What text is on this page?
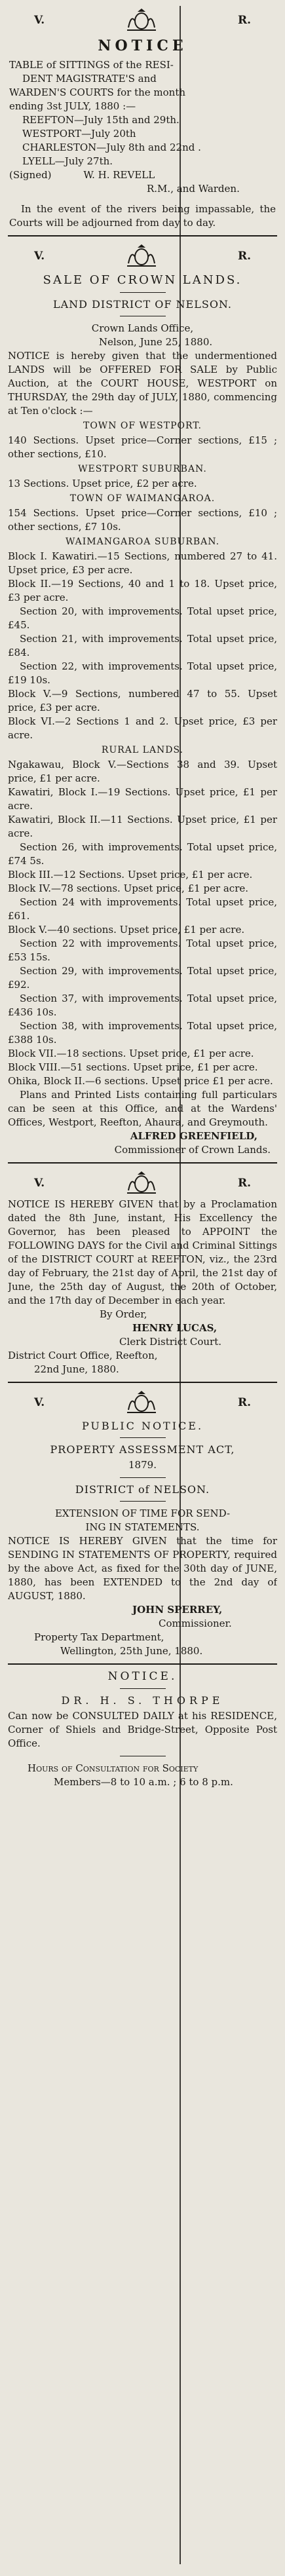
V.	R.
NOTICE
TABLE of SITTINGS of the RESI-
DENT MAGISTRATE'S and
WARDEN'S COURTS for the month
ending 3st JULY, 1880 :—
REEFTON—July 15th and 29th.
WESTPORT—July 20th
CHARLESTON—July 8th and 22nd .
LYELL—July 27th.
(Signed)	W. H. REVELL
R.M., and Warden.

In the event of the rivers being impassable, the Courts will be adjourned from day to day.

V.	R.
SALE OF CROWN LANDS.
LAND DISTRICT OF NELSON.
Crown Lands Office,
Nelson, June 25, 1880.

NOTICE is hereby given that the undermentioned LANDS will be OFFERED FOR SALE by Public Auction, at the COURT HOUSE, WESTPORT on THURSDAY, the 29th day of JULY, 1880, commencing at Ten o'clock :—

TOWN OF WESTPORT.

140 Sections. Upset price—Corner sections, £15 ; other sections, £10.

WESTPORT SUBURBAN.

13 Sections. Upset price, £2 per acre.

TOWN OF WAIMANGAROA.

154 Sections. Upset price—Corner sections, £10 ; other sections, £7 10s.

WAIMANGAROA SUBURBAN.

Block I. Kawatiri.—15 Sections, numbered 27 to 41. Upset price, £3 per acre.

Block II.—19 Sections, 40 and 1 to 18. Upset price, £3 per acre.

Section 20, with improvements. Total upset price, £45.

Section 21, with improvements. Total upset price, £84.

Section 22, with improvements. Total upset price, £19 10s.

Block V.—9 Sections, numbered 47 to 55. Upset price, £3 per acre.

Block VI.—2 Sections 1 and 2. Upset price, £3 per acre.

RURAL LANDS.

Ngakawau, Block V.—Sections 38 and 39. Upset price, £1 per acre.

Kawatiri, Block I.—19 Sections. Upset price, £1 per acre.

Kawatiri, Block II.—11 Sections. Upset price, £1 per acre.

Section 26, with improvements. Total upset price, £74 5s.

Block III.—12 Sections. Upset price, £1 per acre.

Block IV.—78 sections. Upset price, £1 per acre.

Section 24 with improvements. Total upset price, £61.

Block V.—40 sections. Upset price, £1 per acre.

Section 22 with improvements. Total upset price, £53 15s.

Section 29, with improvements. Total upset price, £92.

Section 37, with improvements. Total upset price, £436 10s.

Section 38, with improvements. Total upset price, £388 10s.

Block VII.—18 sections. Upset price, £1 per acre.

Block VIII.—51 sections. Upset price, £1 per acre.

Ohika, Block II.—6 sections. Upset price £1 per acre.

Plans and Printed Lists containing full particulars can be seen at this Office, and at the Wardens' Offices, Westport, Reefton, Ahaura, and Greymouth.

ALFRED GREENFIELD,
Commissioner of Crown Lands.
V.	R.

NOTICE IS HEREBY GIVEN that by a Proclamation dated the 8th June, instant, His Excellency the Governor, has been pleased to APPOINT the FOLLOWING DAYS for the Civil and Criminal Sittings of the DISTRICT COURT at REEFTON, viz., the 23rd day of February, the 21st day of April, the 21st day of June, the 25th day of August, the 20th of October, and the 17th day of December in each year.

By Order,
HENRY LUCAS,
Clerk District Court.
District Court Office, Reefton,
22nd June, 1880.
V.	R.
PUBLIC NOTICE.
PROPERTY ASSESSMENT ACT,
1879.
DISTRICT of NELSON.
EXTENSION OF TIME FOR SEND-
ING IN STATEMENTS.

NOTICE IS HEREBY GIVEN that the time for SENDING IN STATEMENTS OF PROPERTY, required by the above Act, as fixed for the 30th day of JUNE, 1880, has been EXTENDED to the 2nd day of AUGUST, 1880.

JOHN SPERREY,
Commissioner.
Property Tax Department,
Wellington, 25th June, 1880.
NOTICE.
DR. H. S. THORPE

Can now be CONSULTED DAILY at his RESIDENCE, Corner of Shiels and Bridge-Street, Opposite Post Office.

Hours of Consultation for Society
Members—8 to 10 a.m. ; 6 to 8 p.m.
